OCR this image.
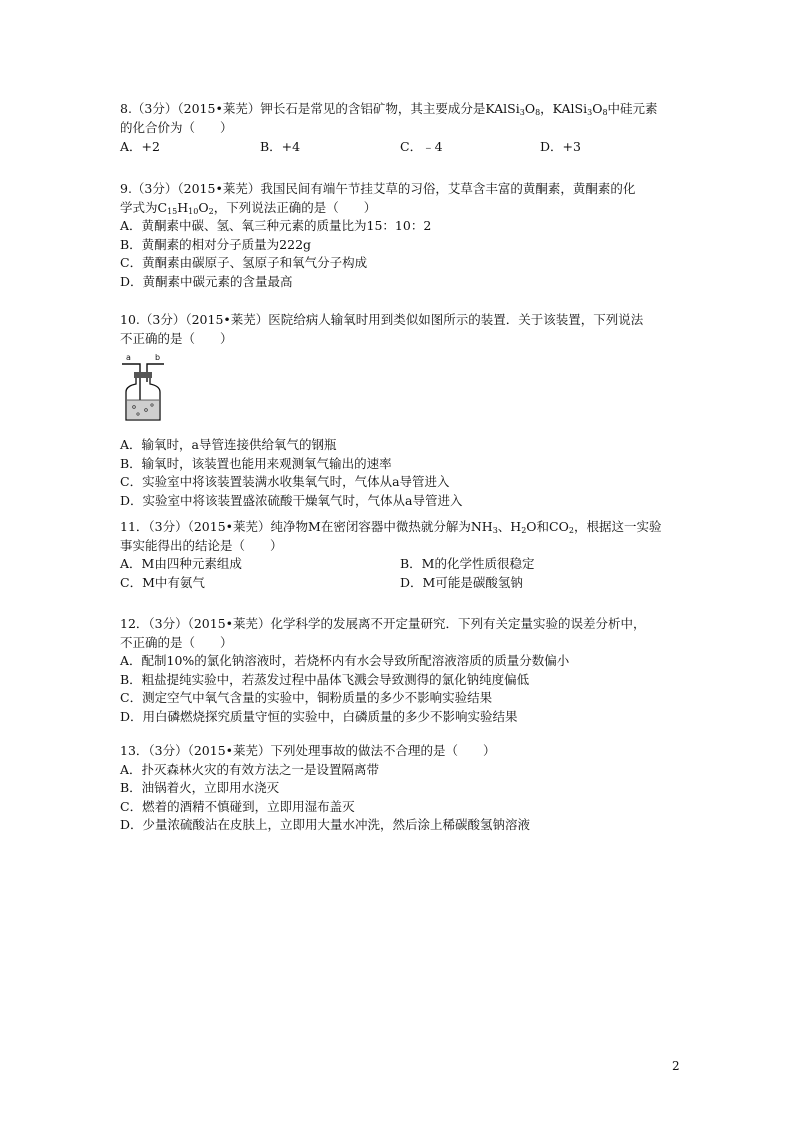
8.（3分）（2015•莱芜）钾长石是常见的含铝矿物，其主要成分是$KAlSi_3O_8$，$KAlSi_3O_8$中硅元素

的化合价为（　　）

A．+2	B．+4	C．﹣4	D．+3

9.（3分）（2015•莱芜）我国民间有端午节挂艾草的习俗，艾草含丰富的黄酮素，黄酮素的化

学式为$C_{15}H_{10}O_2$，下列说法正确的是（　　）

A．黄酮素中碳、氢、氧三种元素的质量比为15：10：2
B．黄酮素的相对分子质量为222g
C．黄酮素由碳原子、氢原子和氧气分子构成
D．黄酮素中碳元素的含量最高

10.（3分）（2015•莱芜）医院给病人输氧时用到类似如图所示的装置．关于该装置，下列说法

不正确的是（　　）

a	b
A．输氧时，a导管连接供给氧气的钢瓶
B．输氧时，该装置也能用来观测氧气输出的速率
C．实验室中将该装置装满水收集氧气时，气体从a导管进入
D．实验室中将该装置盛浓硫酸干燥氧气时，气体从a导管进入

11．（3分）（2015•莱芜）纯净物M在密闭容器中微热就分解为$NH_3$、$H_2O$和$CO_2$，根据这一实验

事实能得出的结论是（　　）

A．M由四种元素组成	B．M的化学性质很稳定
C．M中有氨气	D．M可能是碳酸氢钠

12．（3分）（2015•莱芜）化学科学的发展离不开定量研究．下列有关定量实验的误差分析中，

不正确的是（　　）

A．配制10%的氯化钠溶液时，若烧杯内有水会导致所配溶液溶质的质量分数偏小
B．粗盐提纯实验中，若蒸发过程中晶体飞溅会导致测得的氯化钠纯度偏低
C．测定空气中氧气含量的实验中，铜粉质量的多少不影响实验结果
D．用白磷燃烧探究质量守恒的实验中，白磷质量的多少不影响实验结果

13．（3分）（2015•莱芜）下列处理事故的做法不合理的是（　　）

A．扑灭森林火灾的有效方法之一是设置隔离带
B．油锅着火，立即用水浇灭
C．燃着的酒精不慎碰到，立即用湿布盖灭
D．少量浓硫酸沾在皮肤上，立即用大量水冲洗，然后涂上稀碳酸氢钠溶液
2
